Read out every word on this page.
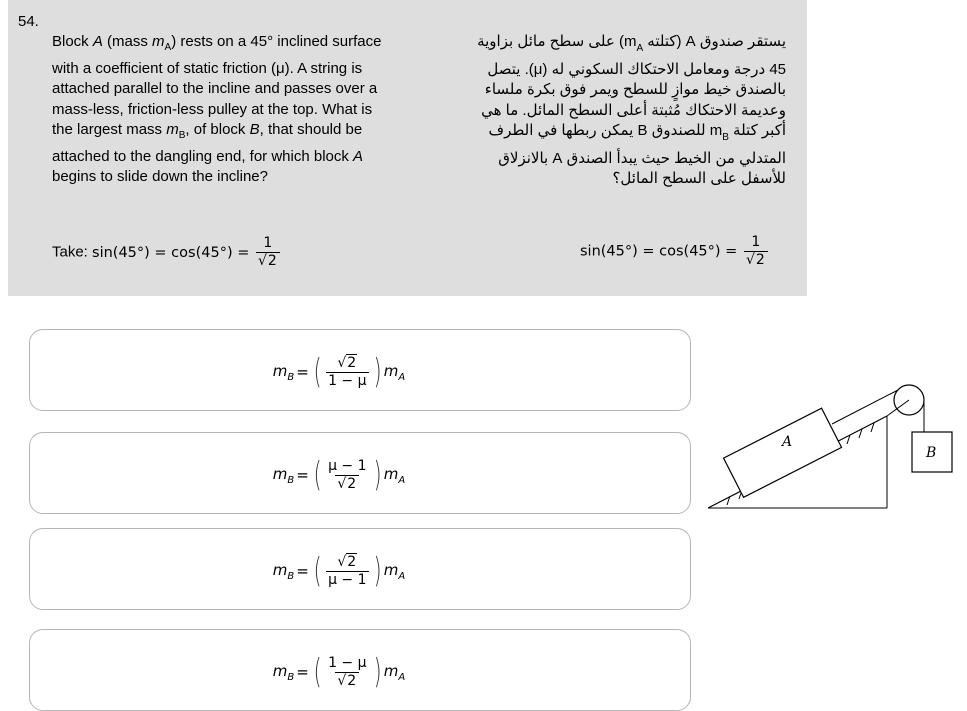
54.
Block A (mass $m_A$) rests on a 45° inclined surface with a coefficient of static friction (μ). A string is attached parallel to the incline and passes over a mass-less, friction-less pulley at the top. What is the largest mass $m_B$, of block B, that should be attached to the dangling end, for which block A begins to slide down the incline?
Take: $\sin(45^\circ) = \cos(45^\circ) = \frac{1}{√2}$
يستقر صندوق A (كتلته $m_A$) على سطح مائل بزاوية 45 درجة ومعامل الاحتكاك السكوني له (μ). يتصل بالصندق خيط موازٍ للسطح ويمر فوق بكرة ملساء وعديمة الاحتكاك مُثبتة أعلى السطح المائل. ما هي أكبر كتلة $m_B$ للصندوق B يمكن ربطها في الطرف المتدلي من الخيط حيث يبدأ الصندق A بالانزلاق للأسفل على السطح المائل؟
$\sin(45^\circ) = \cos(45^\circ) = \frac{1}{√2}$
$m_B$ = ( $\frac{√2}{1 - \mu}$ ) $m_A$
$m_B$ = ( $\frac{\mu - 1}{√2}$ ) $m_A$
$m_B$ = ( $\frac{√2}{\mu - 1}$ ) $m_A$
$m_B$ = ( $\frac{1 - \mu}{√2}$ ) $m_A$
A
B
